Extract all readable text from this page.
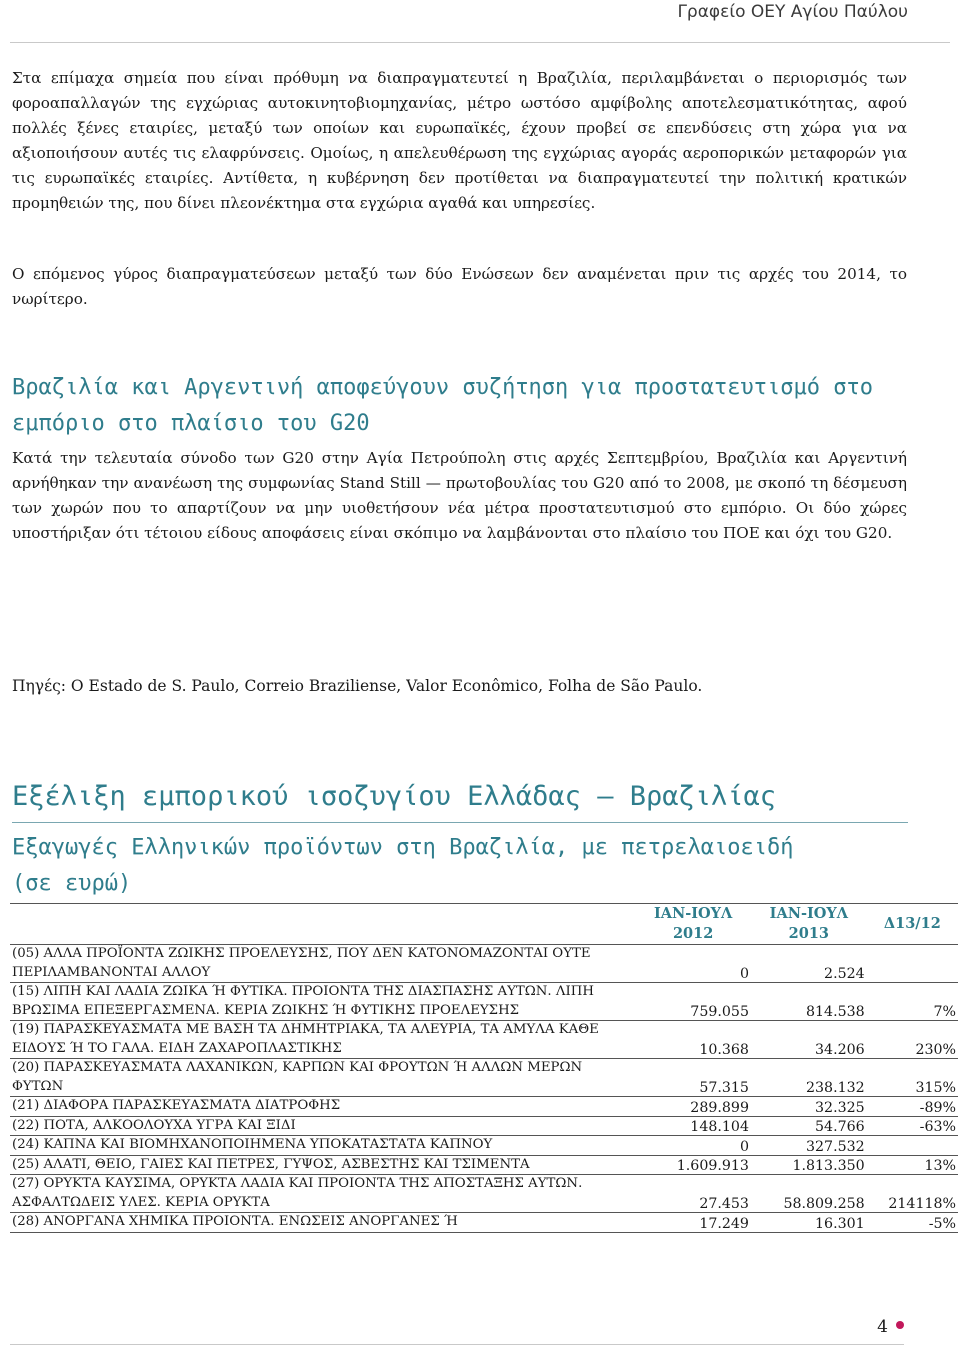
Γραφείο ΟΕΥ Αγίου Παύλου

Στα επίμαχα σημεία που είναι πρόθυμη να διαπραγματευτεί η Βραζιλία, περιλαμβάνεται ο περιορισμός των φοροαπαλλαγών της εγχώριας αυτοκινητοβιομηχανίας, μέτρο ωστόσο αμφίβολης αποτελεσματικότητας, αφού πολλές ξένες εταιρίες, μεταξύ των οποίων και ευρωπαϊκές, έχουν προβεί σε επενδύσεις στη χώρα για να αξιοποιήσουν αυτές τις ελαφρύνσεις. Ομοίως, η απελευθέρωση της εγχώριας αγοράς αεροπορικών μεταφορών για τις ευρωπαϊκές εταιρίες. Αντίθετα, η κυβέρνηση δεν προτίθεται να διαπραγματευτεί την πολιτική κρατικών προμηθειών της, που δίνει πλεονέκτημα στα εγχώρια αγαθά και υπηρεσίες.

Ο επόμενος γύρος διαπραγματεύσεων μεταξύ των δύο Ενώσεων δεν αναμένεται πριν τις αρχές του 2014, το νωρίτερο.

Βραζιλία και Αργεντινή αποφεύγουν συζήτηση για προστατευτισμό στο εμπόριο στο πλαίσιο του G20

Κατά την τελευταία σύνοδο των G20 στην Αγία Πετρούπολη στις αρχές Σεπτεμβρίου, Βραζιλία και Αργεντινή αρνήθηκαν την ανανέωση της συμφωνίας Stand Still — πρωτοβουλίας του G20 από το 2008, με σκοπό τη δέσμευση των χωρών που το απαρτίζουν να μην υιοθετήσουν νέα μέτρα προστατευτισμού στο εμπόριο. Οι δύο χώρες υποστήριξαν ότι τέτοιου είδους αποφάσεις είναι σκόπιμο να λαμβάνονται στο πλαίσιο του ΠΟΕ και όχι του G20.

Πηγές: O Estado de S. Paulo, Correio Braziliense, Valor Econômico, Folha de São Paulo.
Εξέλιξη εμπορικού ισοζυγίου Ελλάδας – Βραζιλίας
Εξαγωγές Ελληνικών προϊόντων στη Βραζιλία, με πετρελαιοειδή (σε ευρώ)
	ΙΑΝ-ΙΟΥΛ 2012	ΙΑΝ-ΙΟΥΛ 2013	Δ13/12
(05) ΑΛΛΑ ΠΡΟΪΟΝΤΑ ΖΩΙΚΗΣ ΠΡΟΕΛΕΥΣΗΣ, ΠΟΥ ΔΕΝ ΚΑΤΟΝΟΜΑΖΟΝΤΑΙ ΟΥΤΕ ΠΕΡΙΛΑΜΒΑΝΟΝΤΑΙ ΑΛΛΟΥ	0	2.524	
(15) ΛΙΠΗ ΚΑΙ ΛΑΔΙΑ ΖΩΙΚΑ Ή ΦΥΤΙΚΑ. ΠΡΟΙΟΝΤΑ ΤΗΣ ΔΙΑΣΠΑΣΗΣ ΑΥΤΩΝ. ΛΙΠΗ ΒΡΩΣΙΜΑ ΕΠΕΞΕΡΓΑΣΜΕΝΑ. ΚΕΡΙΑ ΖΩΙΚΗΣ Ή ΦΥΤΙΚΗΣ ΠΡΟΕΛΕΥΣΗΣ	759.055	814.538	7%
(19) ΠΑΡΑΣΚΕΥΑΣΜΑΤΑ ΜΕ ΒΑΣΗ ΤΑ ΔΗΜΗΤΡΙΑΚΑ, ΤΑ ΑΛΕΥΡΙΑ, ΤΑ ΑΜΥΛΑ ΚΑΘΕ ΕΙΔΟΥΣ Ή ΤΟ ΓΑΛΑ. ΕΙΔΗ ΖΑΧΑΡΟΠΛΑΣΤΙΚΗΣ	10.368	34.206	230%
(20) ΠΑΡΑΣΚΕΥΑΣΜΑΤΑ ΛΑΧΑΝΙΚΩΝ, ΚΑΡΠΩΝ ΚΑΙ ΦΡΟΥΤΩΝ Ή ΑΛΛΩΝ ΜΕΡΩΝ ΦΥΤΩΝ	57.315	238.132	315%
(21) ΔΙΑΦΟΡΑ ΠΑΡΑΣΚΕΥΑΣΜΑΤΑ ΔΙΑΤΡΟΦΗΣ	289.899	32.325	-89%
(22) ΠΟΤΑ, ΑΛΚΟΟΛΟΥΧΑ ΥΓΡΑ ΚΑΙ ΞΙΔΙ	148.104	54.766	-63%
(24) ΚΑΠΝΑ ΚΑΙ ΒΙΟΜΗΧΑΝΟΠΟΙΗΜΕΝΑ ΥΠΟΚΑΤΑΣΤΑΤΑ ΚΑΠΝΟΥ	0	327.532	
(25) ΑΛΑΤΙ, ΘΕΙΟ, ΓΑΙΕΣ ΚΑΙ ΠΕΤΡΕΣ, ΓΥΨΟΣ, ΑΣΒΕΣΤΗΣ ΚΑΙ ΤΣΙΜΕΝΤΑ	1.609.913	1.813.350	13%
(27) ΟΡΥΚΤΑ ΚΑΥΣΙΜΑ, ΟΡΥΚΤΑ ΛΑΔΙΑ ΚΑΙ ΠΡΟΙΟΝΤΑ ΤΗΣ ΑΠΟΣΤΑΞΗΣ ΑΥΤΩΝ. ΑΣΦΑΛΤΩΔΕΙΣ ΥΛΕΣ. ΚΕΡΙΑ ΟΡΥΚΤΑ	27.453	58.809.258	214118%
(28) ΑΝΟΡΓΑΝΑ ΧΗΜΙΚΑ ΠΡΟΙΟΝΤΑ. ΕΝΩΣΕΙΣ ΑΝΟΡΓΑΝΕΣ Ή	17.249	16.301	-5%
4
